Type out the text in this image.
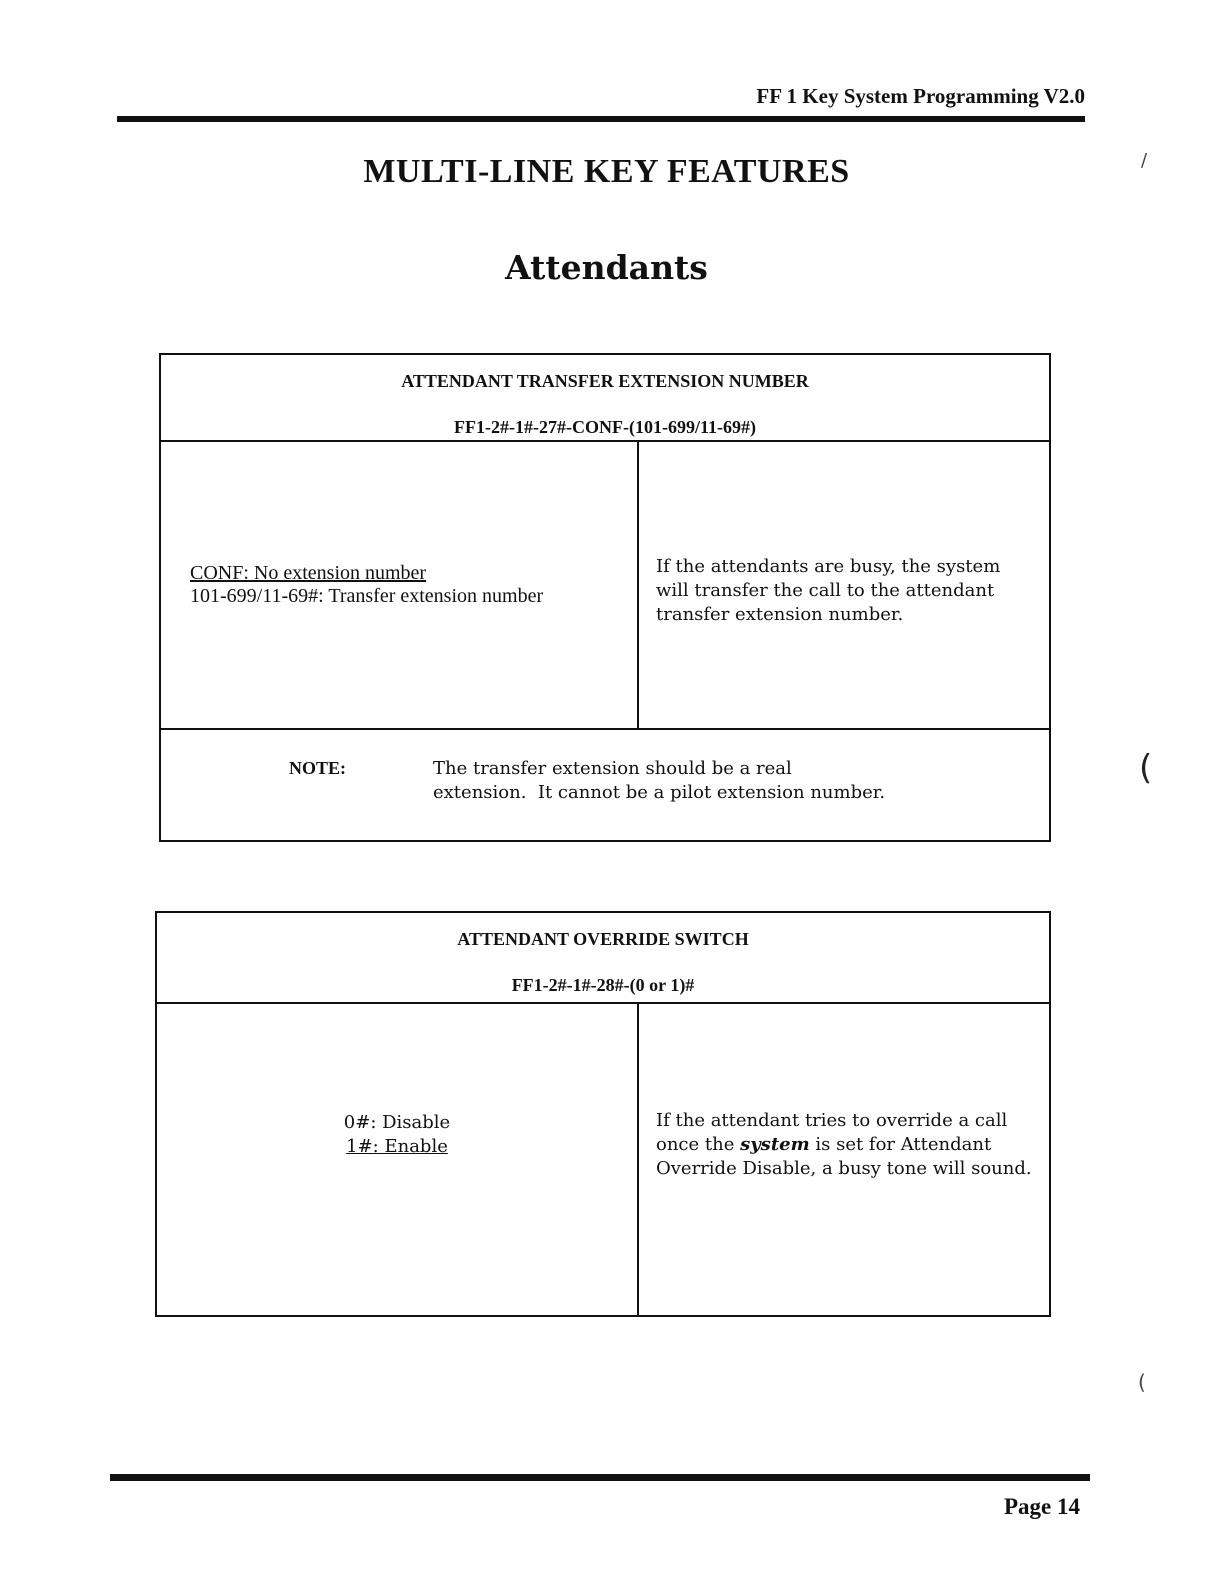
FF 1 Key System Programming V2.0
MULTI-LINE KEY FEATURES
Attendants
ATTENDANT TRANSFER EXTENSION NUMBER
FF1-2#-1#-27#-CONF-(101-699/11-69#)
CONF: No extension number
101-699/11-69#: Transfer extension number
If the attendants are busy, the system will transfer the call to the attendant transfer extension number.
NOTE:	The transfer extension should be a real
extension.  It cannot be a pilot extension number.
ATTENDANT OVERRIDE SWITCH
FF1-2#-1#-28#-(0 or 1)#
0#: Disable
1#: Enable
If the attendant tries to override a call once the system is set for Attendant Override Disable, a busy tone will sound.
Page 14
/
(
(
